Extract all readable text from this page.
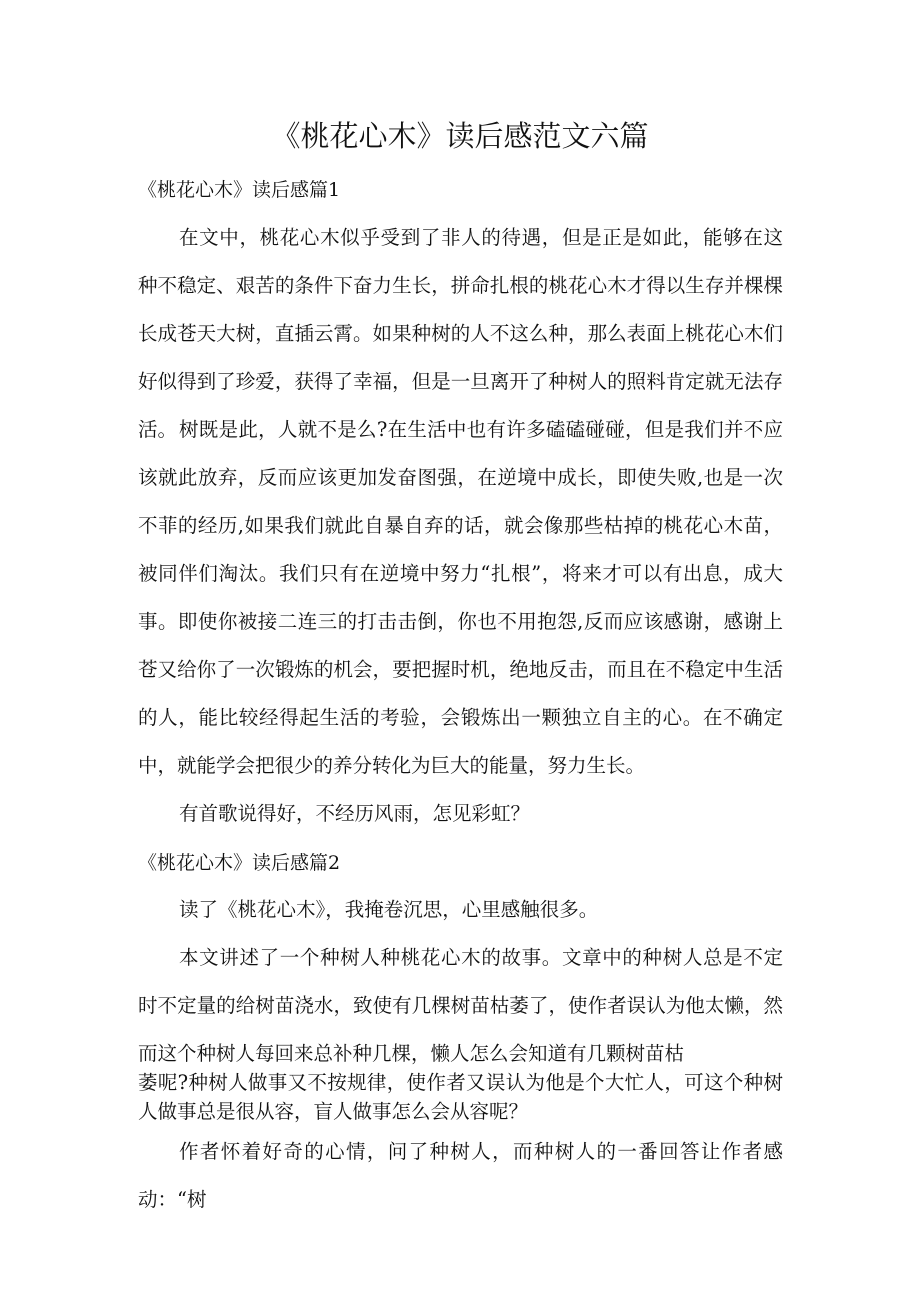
《桃花心木》读后感范文六篇
《桃花心木》读后感篇1

在文中，桃花心木似乎受到了非人的待遇，但是正是如此，能够在这种不稳定、艰苦的条件下奋力生长，拼命扎根的桃花心木才得以生存并棵棵长成苍天大树，直插云霄。如果种树的人不这么种，那么表面上桃花心木们好似得到了珍爱，获得了幸福，但是一旦离开了种树人的照料肯定就无法存活。 树既是此，人就不是么?在生活中也有许多磕磕碰碰，但是我们并不应该就此放弃，反而应该更加发奋图强，在逆境中成长，即使失败,也是一次不菲的经历,如果我们就此自暴自弃的话，就会像那些枯掉的桃花心木苗，被同伴们淘汰。我们只有在逆境中努力“扎根”，将来才可以有出息，成大事。即使你被接二连三的打击击倒，你也不用抱怨,反而应该感谢，感谢上苍又给你了一次锻炼的机会，要把握时机，绝地反击，而且在不稳定中生活的人，能比较经得起生活的考验，会锻炼出一颗独立自主的心。在不确定中，就能学会把很少的养分转化为巨大的能量，努力生长。

有首歌说得好，不经历风雨，怎见彩虹？

《桃花心木》读后感篇2

读了《桃花心木》，我掩卷沉思，心里感触很多。

本文讲述了一个种树人种桃花心木的故事。文章中的种树人总是不定时不定量的给树苗浇水，致使有几棵树苗枯萎了，使作者误认为他太懒，然而这个种树人每回来总补种几棵，懒人怎么会知道有几颗树苗枯

萎呢?种树人做事又不按规律，使作者又误认为他是个大忙人，可这个种树人做事总是很从容，盲人做事怎么会从容呢？

作者怀着好奇的心情，问了种树人，而种树人的一番回答让作者感动：“树
